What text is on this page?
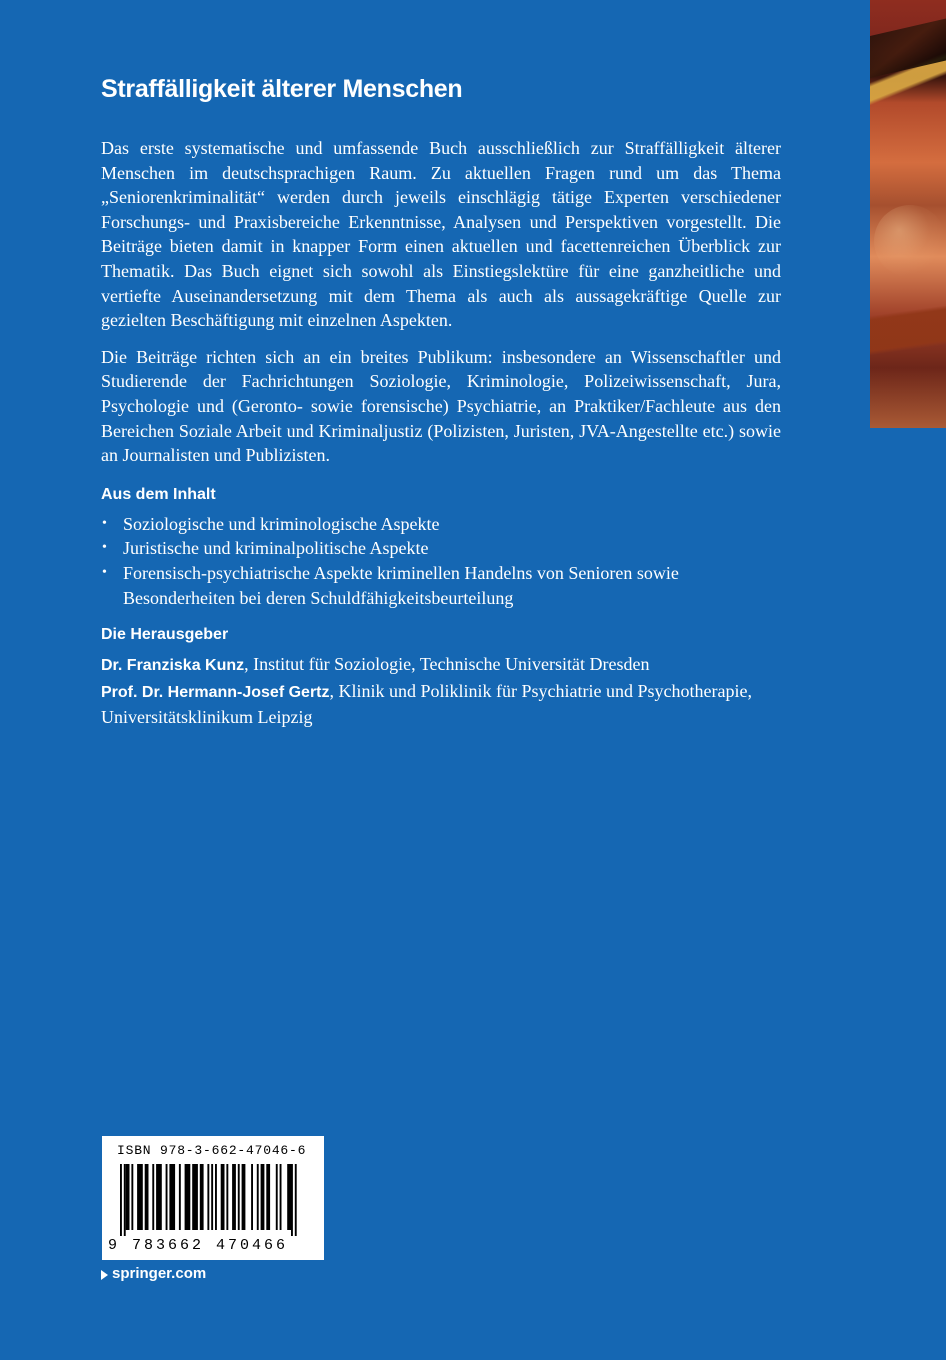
Straffälligkeit älterer Menschen

Das erste systematische und umfassende Buch ausschließlich zur Straffälligkeit älterer Menschen im deutschsprachigen Raum. Zu aktuellen Fragen rund um das Thema „Seniorenkriminalität“ werden durch jeweils einschlägig tätige Experten verschiedener Forschungs- und Praxisbereiche Erkenntnisse, Analysen und Perspektiven vorgestellt. Die Beiträge bieten damit in knapper Form einen aktuellen und facettenreichen Überblick zur Thematik. Das Buch eignet sich sowohl als Einstiegslektüre für eine ganzheitliche und vertiefte Auseinandersetzung mit dem Thema als auch als aussagekräftige Quelle zur gezielten Beschäftigung mit einzelnen Aspekten.

Die Beiträge richten sich an ein breites Publikum: insbesondere an Wissenschaftler und Studierende der Fachrichtungen Soziologie, Kriminologie, Polizeiwissenschaft, Jura, Psychologie und (Geronto- sowie forensische) Psychiatrie, an Praktiker/Fachleute aus den Bereichen Soziale Arbeit und Kriminaljustiz (Polizisten, Juristen, JVA-Angestellte etc.) sowie an Journalisten und Publizisten.

Aus dem Inhalt
• Soziologische und kriminologische Aspekte
• Juristische und kriminalpolitische Aspekte
• Forensisch-psychiatrische Aspekte kriminellen Handelns von Senioren sowie Besonderheiten bei deren Schuldfähigkeitsbeurteilung
Die Herausgeber
Dr. Franziska Kunz, Institut für Soziologie, Technische Universität Dresden
Prof. Dr. Hermann-Josef Gertz, Klinik und Poliklinik für Psychiatrie und Psychotherapie, Universitätsklinikum Leipzig
ISBN 978-3-662-47046-6
9 783662 470466
springer.com
